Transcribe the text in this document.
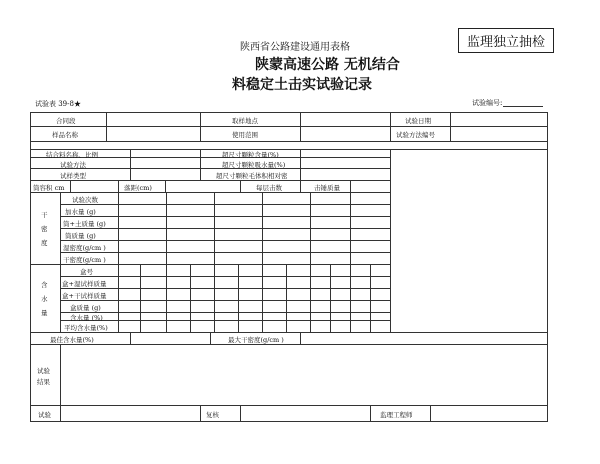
陕西省公路建设通用表格
陕蒙高速公路 无机结合
料稳定土击实试验记录
监理独立抽检
试验表 39-8★	试验编号:
合同段	取样地点	试验日期
样品名称	使用范围	试验方法编号
结合料名称、比例	超尺寸颗粒含量(%)
试验方法	超尺寸颗粒吸水量(%)
试样类型	超尺寸颗粒毛体积相对密
筒容积 cm	落距(cm)	每层击数	击锤质量
干
密
度
试验次数
加水量 (g)
筒+土质量 (g)
筒质量 (g)
湿密度(g/cm )
干密度(g/cm )
含
水
量
盒号
盒+湿试样质量
盒+干试样质量
盒质量 (g)
含水量 (%)
平均含水量(%)
最佳含水量(%)	最大干密度(g/cm )
试验
结果
试验	复核	监理工程师
